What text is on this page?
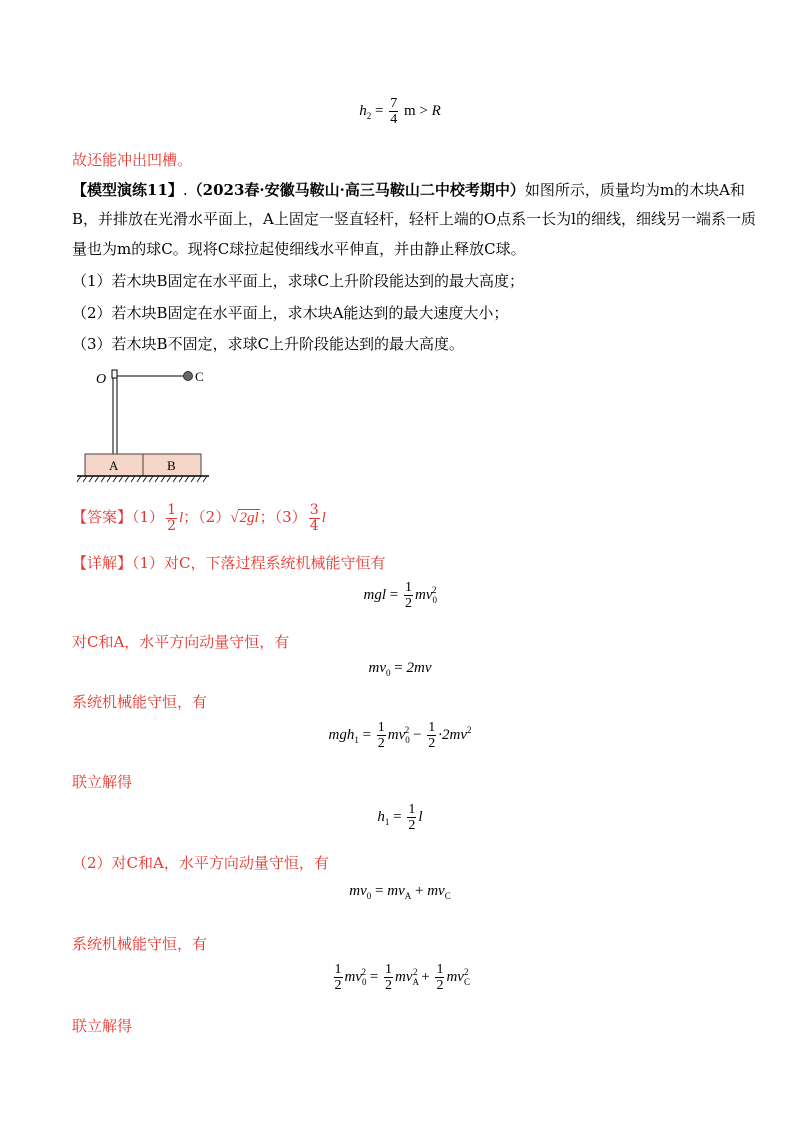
$h_2 = \frac{7}{4}$ m > R
故还能冲出凹槽。
【模型演练11】.（2023春·安徽马鞍山·高三马鞍山二中校考期中）如图所示，质量均为m的木块A和
B，并排放在光滑水平面上，A上固定一竖直轻杆，轻杆上端的O点系一长为l的细线，细线另一端系一质
量也为m的球C。现将C球拉起使细线水平伸直，并由静止释放C球。
（1）若木块B固定在水平面上，求球C上升阶段能达到的最大高度；
（2）若木块B固定在水平面上，求木块A能达到的最大速度大小；
（3）若木块B不固定，求球C上升阶段能达到的最大高度。
O	C
A	B
【答案】$(1) \frac{1}{2}$ l；（2）√2gl；$(3) \frac{3}{4}$ l
【详解】（1）对C，下落过程系统机械能守恒有
mgl = $\frac{1}{2} mv_0^2$
对C和A，水平方向动量守恒，有
$mv_0 = 2mv$
系统机械能守恒，有
$mgh_1 = \frac{1}{2} mv_0^2 - \frac{1}{2} \cdot 2mv^2$
联立解得
$h_1 = \frac{1}{2}$ l
（2）对C和A，水平方向动量守恒，有
$mv_0 = mv_A + mv_C$
系统机械能守恒，有
$\frac{1}{2} mv_0^2 = \frac{1}{2} mv_A^2 + \frac{1}{2} mv_C^2$
联立解得
